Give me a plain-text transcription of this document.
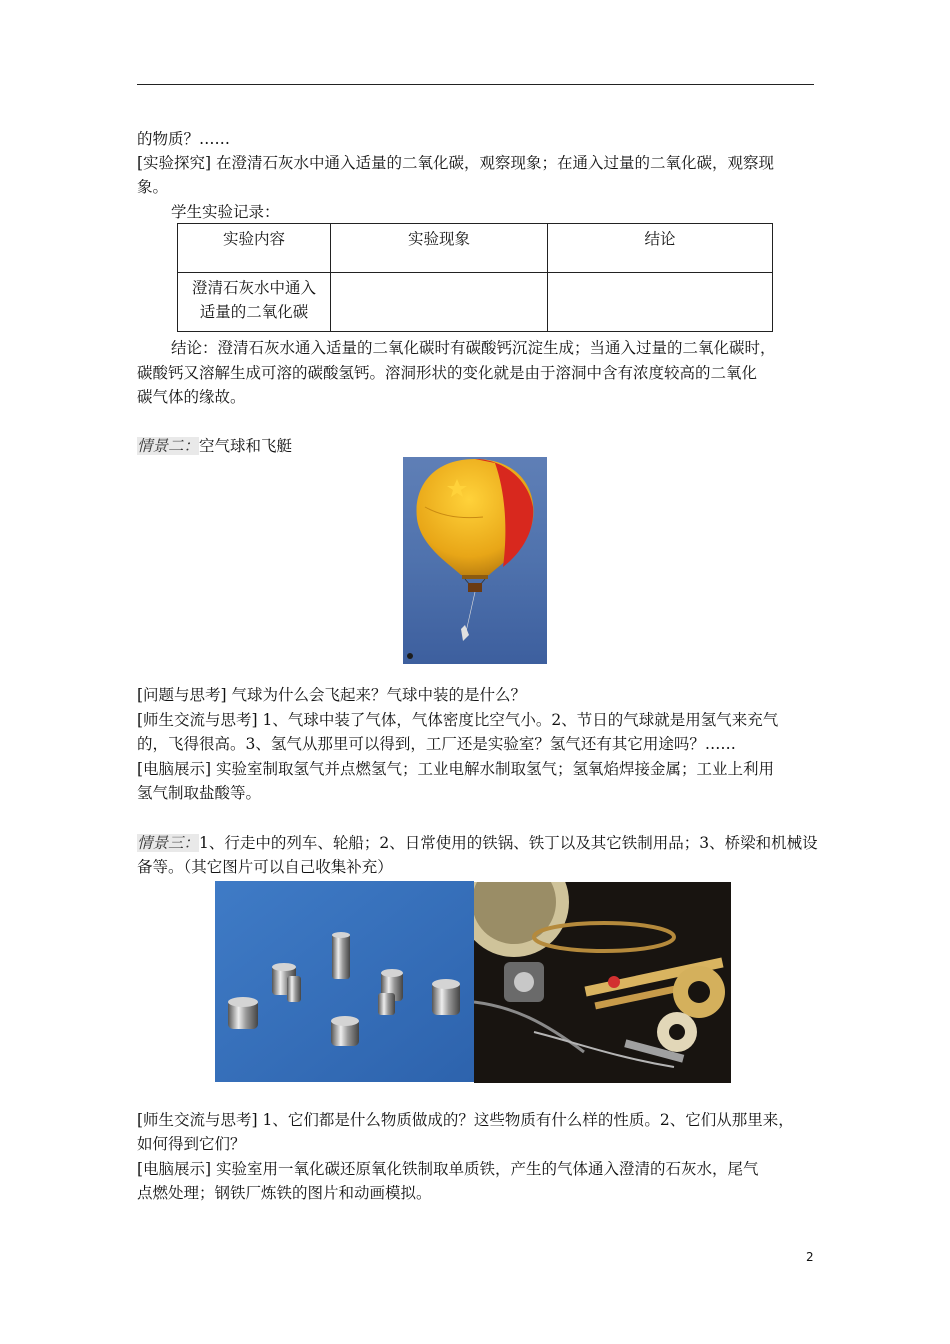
的物质？……
[实验探究] 在澄清石灰水中通入适量的二氧化碳，观察现象；在通入过量的二氧化碳，观察现
象。
学生实验记录：
实验内容	实验现象	结论

澄清石灰水中通入
适量的二氧化碳		

结论：澄清石灰水通入适量的二氧化碳时有碳酸钙沉淀生成；当通入过量的二氧化碳时，
碳酸钙又溶解生成可溶的碳酸氢钙。溶洞形状的变化就是由于溶洞中含有浓度较高的二氧化
碳气体的缘故。
情景二：空气球和飞艇
[问题与思考] 气球为什么会飞起来？气球中装的是什么？
[师生交流与思考] 1、气球中装了气体，气体密度比空气小。2、节日的气球就是用氢气来充气
的，飞得很高。3、氢气从那里可以得到，工厂还是实验室？氢气还有其它用途吗？……
[电脑展示] 实验室制取氢气并点燃氢气；工业电解水制取氢气；氢氧焰焊接金属；工业上利用
氢气制取盐酸等。
情景三：1、行走中的列车、轮船；2、日常使用的铁锅、铁丁以及其它铁制用品；3、桥梁和机械设
备等。（其它图片可以自己收集补充）
[师生交流与思考] 1、它们都是什么物质做成的？这些物质有什么样的性质。2、它们从那里来，
如何得到它们？
[电脑展示] 实验室用一氧化碳还原氧化铁制取单质铁，产生的气体通入澄清的石灰水，尾气
点燃处理；钢铁厂炼铁的图片和动画模拟。
2
